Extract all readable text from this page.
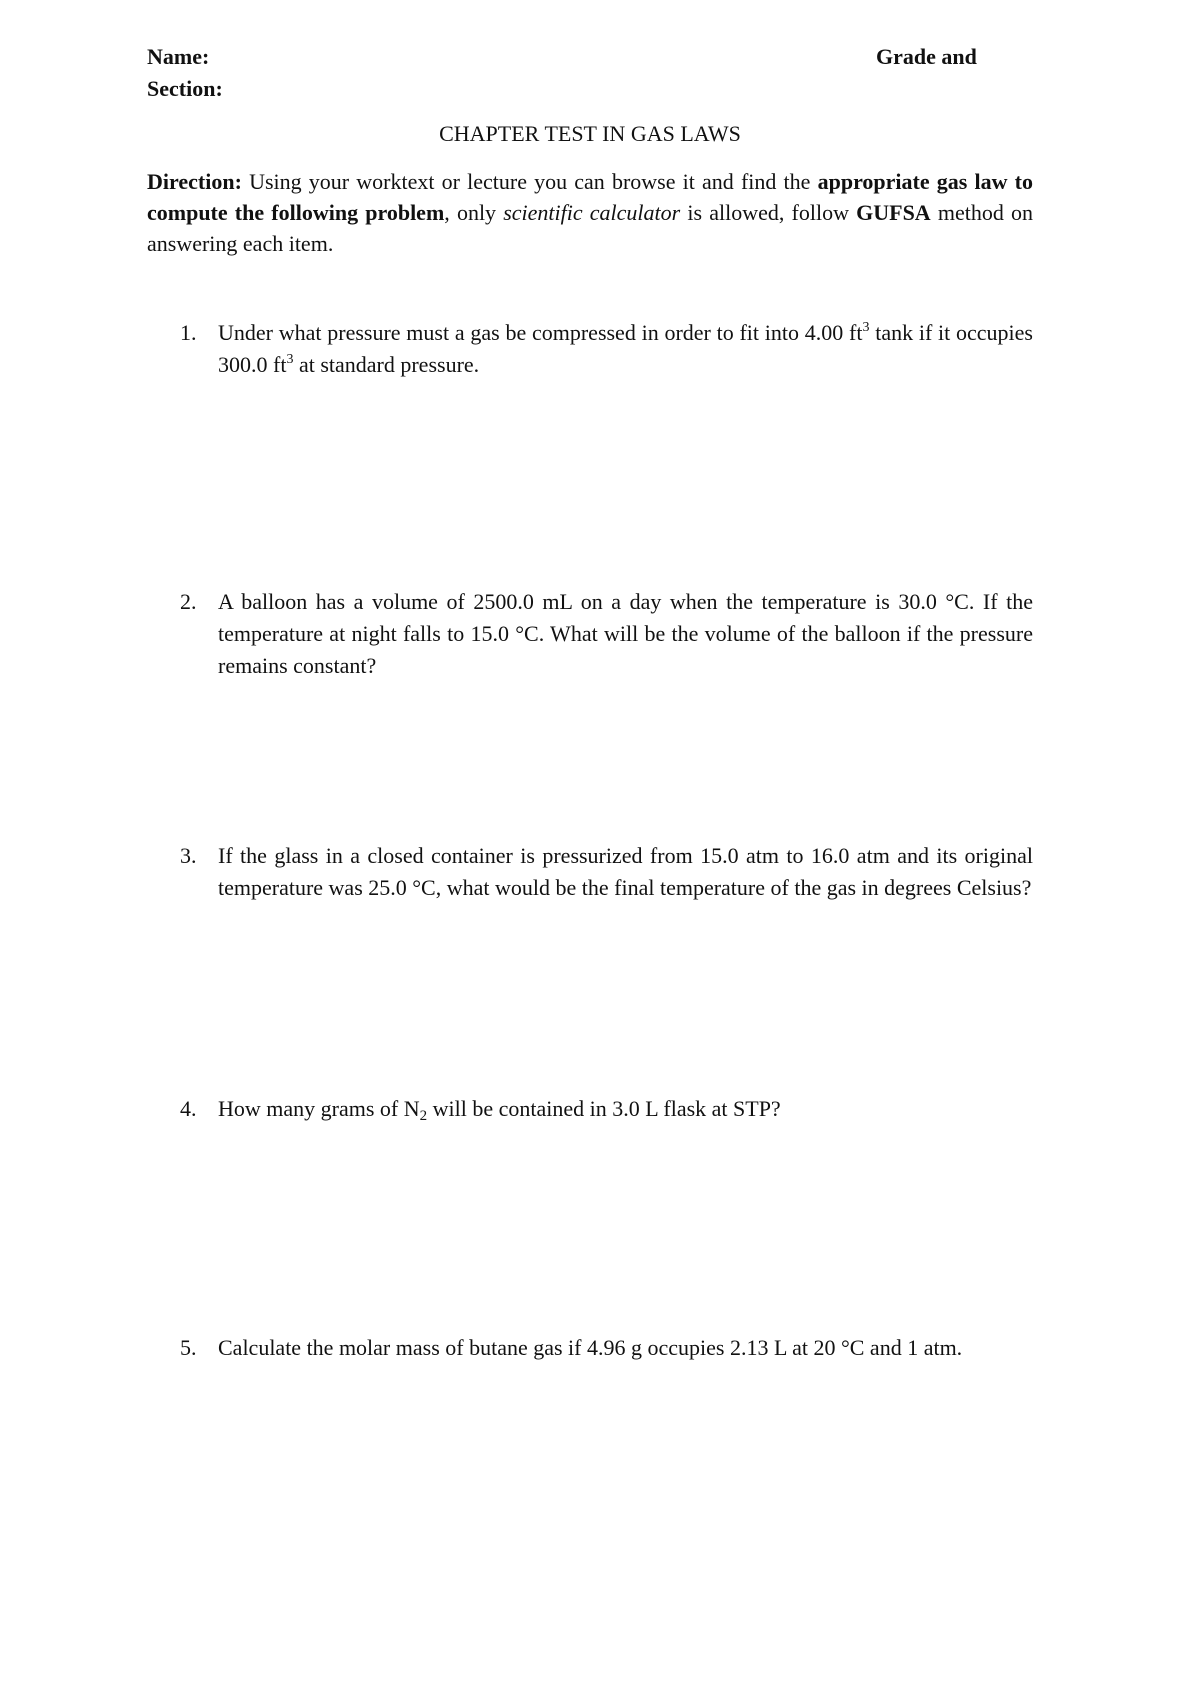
Name:	Grade and
Section:
CHAPTER TEST IN GAS LAWS
Direction: Using your worktext or lecture you can browse it and find the appropriate gas law to compute the following problem, only scientific calculator is allowed, follow GUFSA method on answering each item.
1. Under what pressure must a gas be compressed in order to fit into 4.00 $ft^3$ tank if it occupies 300.0 $ft^3$ at standard pressure.
2. A balloon has a volume of 2500.0 mL on a day when the temperature is 30.0 °C. If the temperature at night falls to 15.0 °C. What will be the volume of the balloon if the pressure remains constant?
3. If the glass in a closed container is pressurized from 15.0 atm to 16.0 atm and its original temperature was 25.0 °C, what would be the final temperature of the gas in degrees Celsius?
4. How many grams of $N_2$ will be contained in 3.0 L flask at STP?
5. Calculate the molar mass of butane gas if 4.96 g occupies 2.13 L at 20 °C and 1 atm.
